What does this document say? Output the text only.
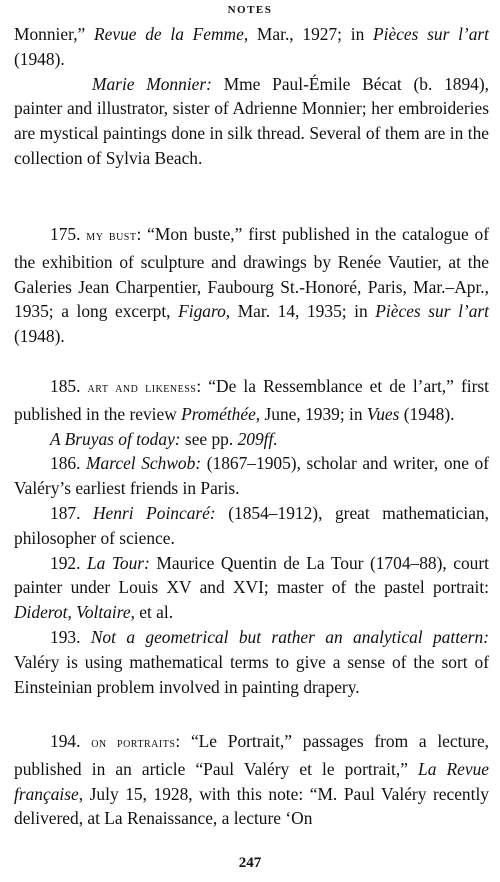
NOTES

Monnier,” Revue de la Femme, Mar., 1927; in Pièces sur l’art (1948).

Marie Monnier: Mme Paul-Émile Bécat (b. 1894), painter and illustrator, sister of Adrienne Monnier; her embroideries are mystical paintings done in silk thread. Several of them are in the collection of Sylvia Beach.

175. my bust: “Mon buste,” first published in the catalogue of the exhibition of sculpture and drawings by Renée Vautier, at the Galeries Jean Charpentier, Faubourg St.-Honoré, Paris, Mar.–Apr., 1935; a long excerpt, Figaro, Mar. 14, 1935; in Pièces sur l’art (1948).

185. art and likeness: “De la Ressemblance et de l’art,” first published in the review Prométhée, June, 1939; in Vues (1948).

A Bruyas of today: see pp. 209ff.

186. Marcel Schwob: (1867–1905), scholar and writer, one of Valéry’s earliest friends in Paris.

187. Henri Poincaré: (1854–1912), great mathematician, philosopher of science.

192. La Tour: Maurice Quentin de La Tour (1704–88), court painter under Louis XV and XVI; master of the pastel portrait: Diderot, Voltaire, et al.

193. Not a geometrical but rather an analytical pattern: Valéry is using mathematical terms to give a sense of the sort of Einsteinian problem involved in painting drapery.

194. on portraits: “Le Portrait,” passages from a lecture, published in an article “Paul Valéry et le portrait,” La Revue française, July 15, 1928, with this note: “M. Paul Valéry recently delivered, at La Renaissance, a lecture ‘On

247
